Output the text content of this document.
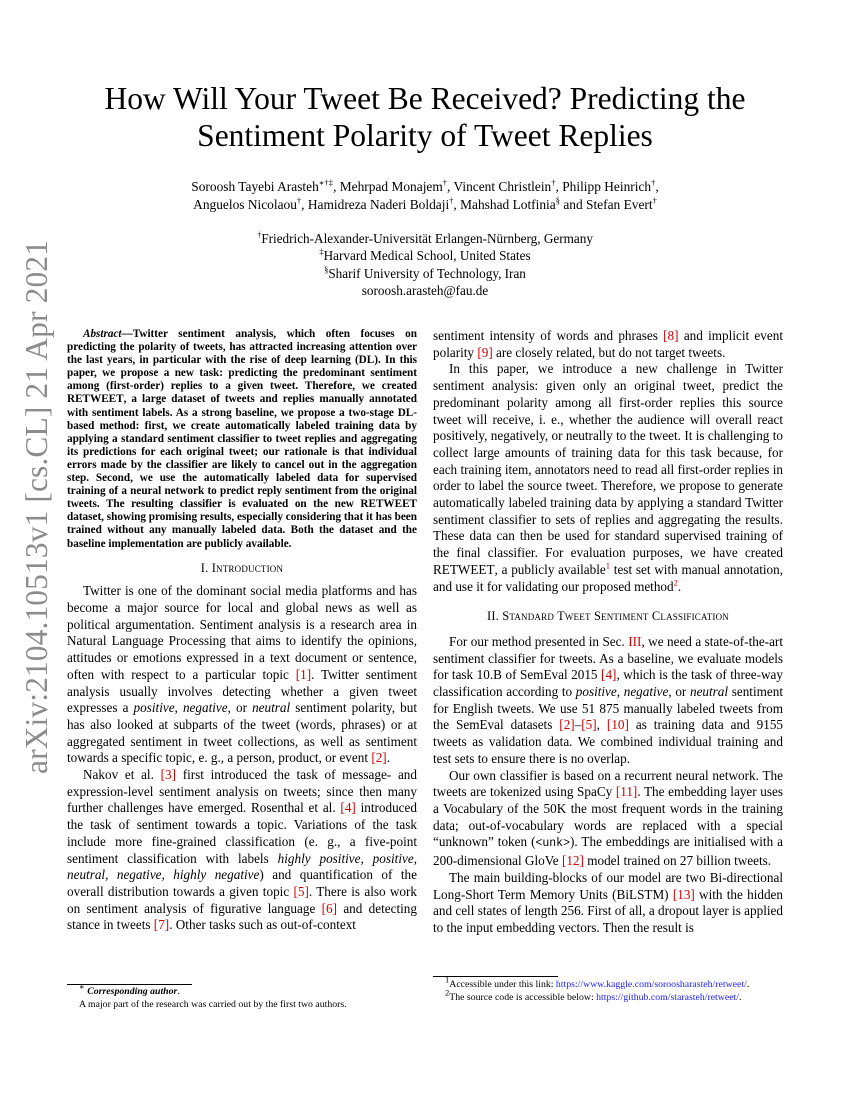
How Will Your Tweet Be Received? Predicting the
Sentiment Polarity of Tweet Replies
Soroosh Tayebi Arasteh∗†‡, Mehrpad Monajem†, Vincent Christlein†, Philipp Heinrich†,
Anguelos Nicolaou†, Hamidreza Naderi Boldaji†, Mahshad Lotfinia§ and Stefan Evert†
†Friedrich-Alexander-Universität Erlangen-Nürnberg, Germany
‡Harvard Medical School, United States
§Sharif University of Technology, Iran
soroosh.arasteh@fau.de
arXiv:2104.10513v1 [cs.CL] 21 Apr 2021	Abstract—Twitter sentiment analysis, which often focuses on predicting the polarity of tweets, has attracted increasing attention over the last years, in particular with the rise of deep learning (DL). In this paper, we propose a new task: predicting the predominant sentiment among (first-order) replies to a given tweet. Therefore, we created RETWEET, a large dataset of tweets and replies manually annotated with sentiment labels. As a strong baseline, we propose a two-stage DL-based method: first, we create automatically labeled training data by applying a standard sentiment classifier to tweet replies and aggregating its predictions for each original tweet; our rationale is that individual errors made by the classifier are likely to cancel out in the aggregation step. Second, we use the automatically labeled data for supervised training of a neural network to predict reply sentiment from the original tweets. The resulting classifier is evaluated on the new RETWEET dataset, showing promising results, especially considering that it has been trained without any manually labeled data. Both the dataset and the baseline implementation are publicly available.

I. Introduction

Twitter is one of the dominant social media platforms and has become a major source for local and global news as well as political argumentation. Sentiment analysis is a research area in Natural Language Processing that aims to identify the opinions, attitudes or emotions expressed in a text document or sentence, often with respect to a particular topic [1]. Twitter sentiment analysis usually involves detecting whether a given tweet expresses a positive, negative, or neutral sentiment polarity, but has also looked at subparts of the tweet (words, phrases) or at aggregated sentiment in tweet collections, as well as sentiment towards a specific topic, e. g., a person, product, or event [2].

Nakov et al. [3] first introduced the task of message- and expression-level sentiment analysis on tweets; since then many further challenges have emerged. Rosenthal et al. [4] introduced the task of sentiment towards a topic. Variations of the task include more fine-grained classification (e. g., a five-point sentiment classification with labels highly positive, positive, neutral, negative, highly negative) and quantification of the overall distribution towards a given topic [5]. There is also work on sentiment analysis of figurative language [6] and detecting stance in tweets [7]. Other tasks such as out-of-context

sentiment intensity of words and phrases [8] and implicit event polarity [9] are closely related, but do not target tweets.

In this paper, we introduce a new challenge in Twitter sentiment analysis: given only an original tweet, predict the predominant polarity among all first-order replies this source tweet will receive, i. e., whether the audience will overall react positively, negatively, or neutrally to the tweet. It is challenging to collect large amounts of training data for this task because, for each training item, annotators need to read all first-order replies in order to label the source tweet. Therefore, we propose to generate automatically labeled training data by applying a standard Twitter sentiment classifier to sets of replies and aggregating the results. These data can then be used for standard supervised training of the final classifier. For evaluation purposes, we have created RETWEET, a publicly available$^1$ test set with manual annotation, and use it for validating our proposed method$^2$.

II. Standard Tweet Sentiment Classification

For our method presented in Sec. III, we need a state-of-the-art sentiment classifier for tweets. As a baseline, we evaluate models for task 10.B of SemEval 2015 [4], which is the task of three-way classification according to positive, negative, or neutral sentiment for English tweets. We use 51 875 manually labeled tweets from the SemEval datasets [2]–[5], [10] as training data and 9155 tweets as validation data. We combined individual training and test sets to ensure there is no overlap.

Our own classifier is based on a recurrent neural network. The tweets are tokenized using SpaCy [11]. The embedding layer uses a Vocabulary of the 50K the most frequent words in the training data; out-of-vocabulary words are replaced with a special “unknown” token (<unk>). The embeddings are initialised with a 200-dimensional GloVe [12] model trained on 27 billion tweets.

The main building-blocks of our model are two Bi-directional Long-Short Term Memory Units (BiLSTM) [13] with the hidden and cell states of length 256. First of all, a dropout layer is applied to the input embedding vectors. Then the result is

∗ Corresponding author.
A major part of the research was carried out by the first two authors.
$^1$Accessible under this link: https://www.kaggle.com/soroosharasteh/retweet/.
$^2$The source code is accessible below: https://github.com/starasteh/retweet/.
